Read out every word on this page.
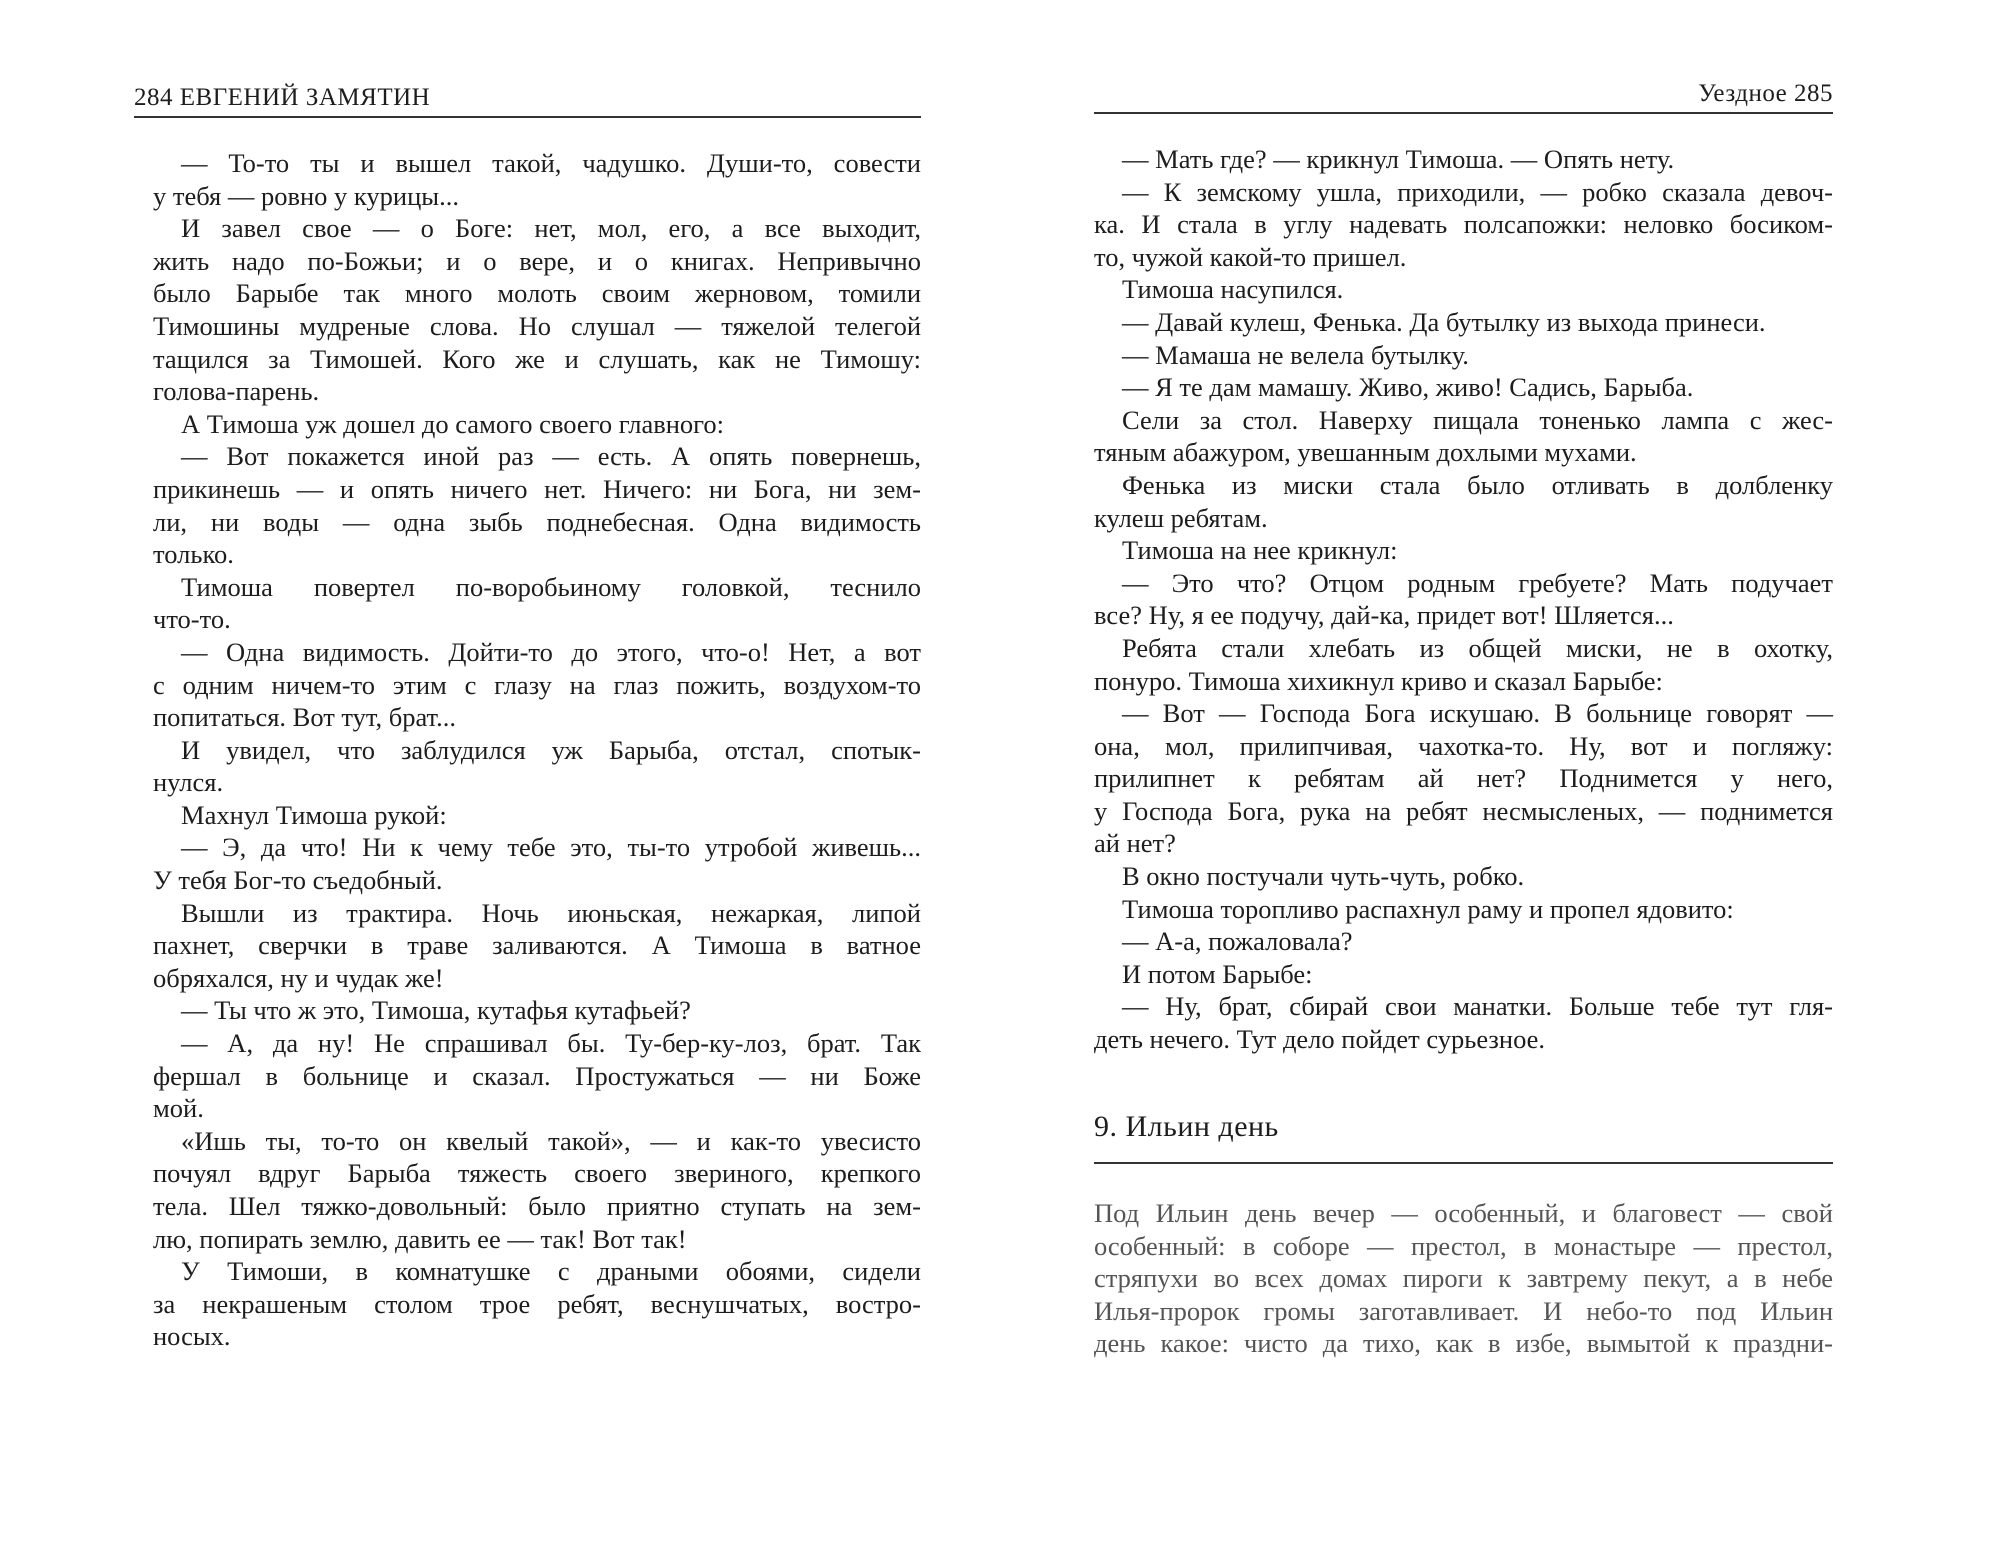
284 ЕВГЕНИЙ ЗАМЯТИН
— То-то ты и вышел такой, чадушко. Души-то, совести
у тебя — ровно у курицы...
И завел свое — о Боге: нет, мол, его, а все выходит,
жить надо по-Божьи; и о вере, и о книгах. Непривычно
было Барыбе так много молоть своим жерновом, томили
Тимошины мудреные слова. Но слушал — тяжелой телегой
тащился за Тимошей. Кого же и слушать, как не Тимошу:
голова-парень.
А Тимоша уж дошел до самого своего главного:
— Вот покажется иной раз — есть. А опять повернешь,
прикинешь — и опять ничего нет. Ничего: ни Бога, ни зем-
ли, ни воды — одна зыбь поднебесная. Одна видимость
только.
Тимоша повертел по-воробьиному головкой, теснило
что-то.
— Одна видимость. Дойти-то до этого, что-о! Нет, а вот
с одним ничем-то этим с глазу на глаз пожить, воздухом-то
попитаться. Вот тут, брат...
И увидел, что заблудился уж Барыба, отстал, спотык-
нулся.
Махнул Тимоша рукой:
— Э, да что! Ни к чему тебе это, ты-то утробой живешь...
У тебя Бог-то съедобный.
Вышли из трактира. Ночь июньская, нежаркая, липой
пахнет, сверчки в траве заливаются. А Тимоша в ватное
обряхался, ну и чудак же!
— Ты что ж это, Тимоша, кутафья кутафьей?
— А, да ну! Не спрашивал бы. Ту-бер-ку-лоз, брат. Так
фершал в больнице и сказал. Простужаться — ни Боже
мой.
«Ишь ты, то-то он квелый такой», — и как-то увесисто
почуял вдруг Барыба тяжесть своего звериного, крепкого
тела. Шел тяжко-довольный: было приятно ступать на зем-
лю, попирать землю, давить ее — так! Вот так!
У Тимоши, в комнатушке с драными обоями, сидели
за некрашеным столом трое ребят, веснушчатых, востро-
носых.
Уездное 285
— Мать где? — крикнул Тимоша. — Опять нету.
— К земскому ушла, приходили, — робко сказала девоч-
ка. И стала в углу надевать полсапожки: неловко босиком-
то, чужой какой-то пришел.
Тимоша насупился.
— Давай кулеш, Фенька. Да бутылку из выхода принеси.
— Мамаша не велела бутылку.
— Я те дам мамашу. Живо, живо! Садись, Барыба.
Сели за стол. Наверху пищала тоненько лампа с жес-
тяным абажуром, увешанным дохлыми мухами.
Фенька из миски стала было отливать в долбленку
кулеш ребятам.
Тимоша на нее крикнул:
— Это что? Отцом родным гребуете? Мать подучает
все? Ну, я ее подучу, дай-ка, придет вот! Шляется...
Ребята стали хлебать из общей миски, не в охотку,
понуро. Тимоша хихикнул криво и сказал Барыбе:
— Вот — Господа Бога искушаю. В больнице говорят —
она, мол, прилипчивая, чахотка-то. Ну, вот и погляжу:
прилипнет к ребятам ай нет? Поднимется у него,
у Господа Бога, рука на ребят несмысленых, — поднимется
ай нет?
В окно постучали чуть-чуть, робко.
Тимоша торопливо распахнул раму и пропел ядовито:
— А-а, пожаловала?
И потом Барыбе:
— Ну, брат, сбирай свои манатки. Больше тебе тут гля-
деть нечего. Тут дело пойдет сурьезное.
9. Ильин день
Под Ильин день вечер — особенный, и благовест — свой
особенный: в соборе — престол, в монастыре — престол,
стряпухи во всех домах пироги к завтрему пекут, а в небе
Илья-пророк громы заготавливает. И небо-то под Ильин
день какое: чисто да тихо, как в избе, вымытой к праздни-
